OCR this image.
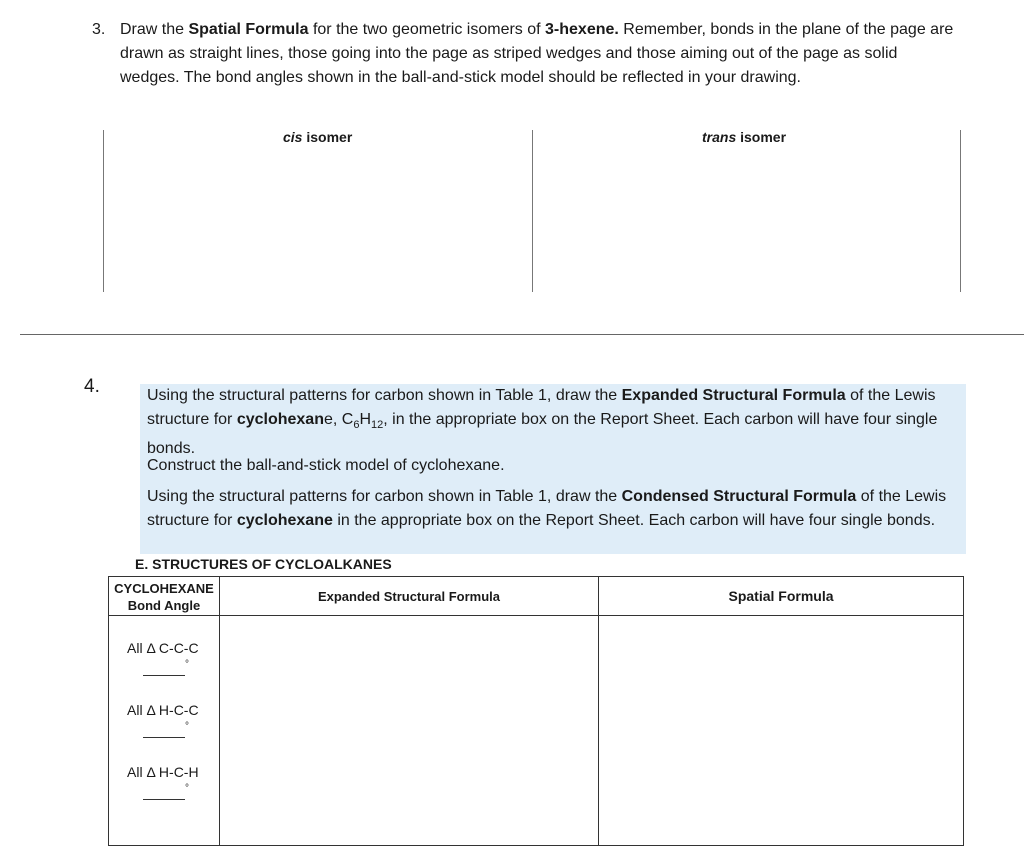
3. Draw the Spatial Formula for the two geometric isomers of 3-hexene. Remember, bonds in the plane of the page are drawn as straight lines, those going into the page as striped wedges and those aiming out of the page as solid wedges. The bond angles shown in the ball-and-stick model should be reflected in your drawing.
cis isomer	trans isomer
4.	Using the structural patterns for carbon shown in Table 1, draw the Expanded Structural Formula of the Lewis structure for cyclohexane, $C_6H_{12}$, in the appropriate box on the Report Sheet. Each carbon will have four single bonds.
Construct the ball-and-stick model of cyclohexane.
Using the structural patterns for carbon shown in Table 1, draw the Condensed Structural Formula of the Lewis structure for cyclohexane in the appropriate box on the Report Sheet. Each carbon will have four single bonds.
E. STRUCTURES OF CYCLOALKANES
CYCLOHEXANE
Bond Angle
Expanded Structural Formula	Spatial Formula
All Δ C-C-C
°
All Δ H-C-C
°
All Δ H-C-H
°
